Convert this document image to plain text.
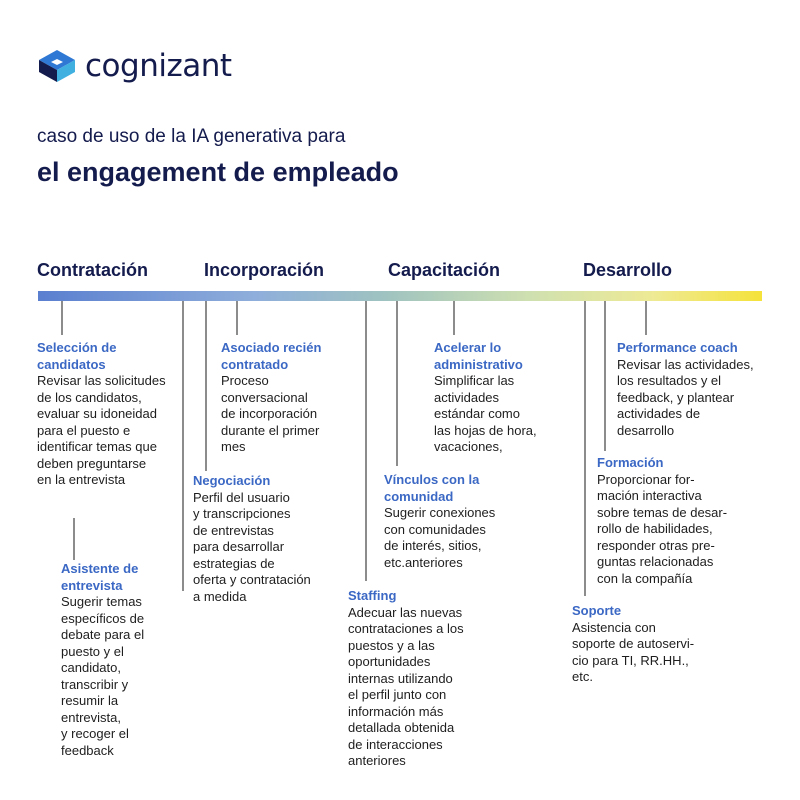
cognizant
caso de uso de la IA generativa para
el engagement de empleado
Contratación	Incorporación	Capacitación	Desarrollo
Selección de
candidatos
Revisar las solicitudes
de los candidatos,
evaluar su idoneidad
para el puesto e
identificar temas que
deben preguntarse
en la entrevista
Asistente de
entrevista
Sugerir temas
específicos de
debate para el
puesto y el
candidato,
transcribir y
resumir la
entrevista,
y recoger el
feedback
Asociado recién
contratado
Proceso
conversacional
de incorporación
durante el primer
mes
Negociación
Perfil del usuario
y transcripciones
de entrevistas
para desarrollar
estrategias de
oferta y contratación
a medida	Staffing
Adecuar las nuevas
contrataciones a los
puestos y a las
oportunidades
internas utilizando
el perfil junto con
información más
detallada obtenida
de interacciones
anteriores
Acelerar lo
administrativo
Simplificar las
actividades
estándar como
las hojas de hora,
vacaciones,
Vínculos con la
comunidad
Sugerir conexiones
con comunidades
de interés, sitios,
etc.anteriores
Performance coach
Revisar las actividades,
los resultados y el
feedback, y plantear
actividades de
desarrollo
Formación
Proporcionar for-
mación interactiva
sobre temas de desar-
rollo de habilidades,
responder otras pre-
guntas relacionadas
con la compañía
Soporte
Asistencia con
soporte de autoservi-
cio para TI, RR.HH.,
etc.
